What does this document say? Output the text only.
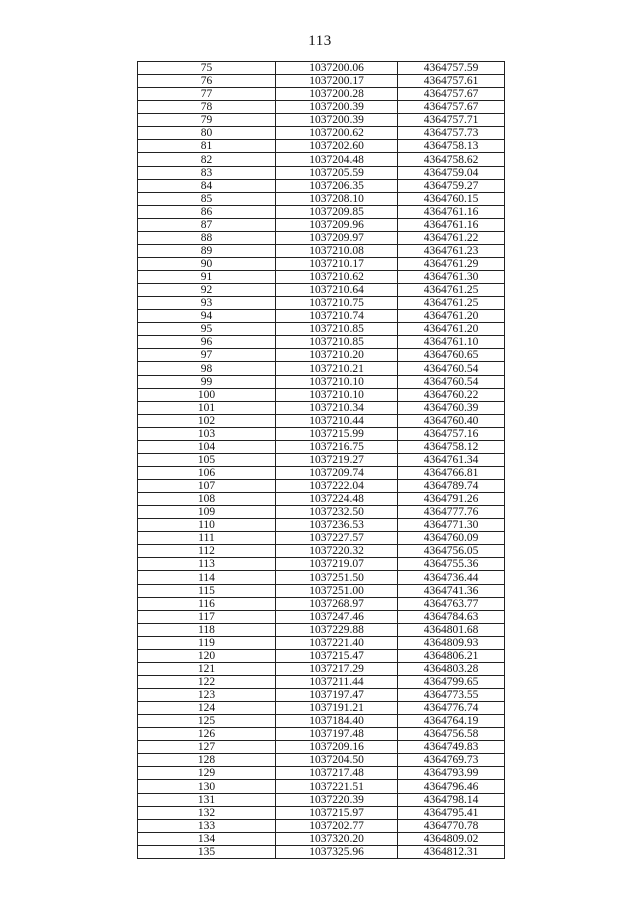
113
75	1037200.06	4364757.59
76	1037200.17	4364757.61
77	1037200.28	4364757.67
78	1037200.39	4364757.67
79	1037200.39	4364757.71
80	1037200.62	4364757.73
81	1037202.60	4364758.13
82	1037204.48	4364758.62
83	1037205.59	4364759.04
84	1037206.35	4364759.27
85	1037208.10	4364760.15
86	1037209.85	4364761.16
87	1037209.96	4364761.16
88	1037209.97	4364761.22
89	1037210.08	4364761.23
90	1037210.17	4364761.29
91	1037210.62	4364761.30
92	1037210.64	4364761.25
93	1037210.75	4364761.25
94	1037210.74	4364761.20
95	1037210.85	4364761.20
96	1037210.85	4364761.10
97	1037210.20	4364760.65
98	1037210.21	4364760.54
99	1037210.10	4364760.54
100	1037210.10	4364760.22
101	1037210.34	4364760.39
102	1037210.44	4364760.40
103	1037215.99	4364757.16
104	1037216.75	4364758.12
105	1037219.27	4364761.34
106	1037209.74	4364766.81
107	1037222.04	4364789.74
108	1037224.48	4364791.26
109	1037232.50	4364777.76
110	1037236.53	4364771.30
111	1037227.57	4364760.09
112	1037220.32	4364756.05
113	1037219.07	4364755.36
114	1037251.50	4364736.44
115	1037251.00	4364741.36
116	1037268.97	4364763.77
117	1037247.46	4364784.63
118	1037229.88	4364801.68
119	1037221.40	4364809.93
120	1037215.47	4364806.21
121	1037217.29	4364803.28
122	1037211.44	4364799.65
123	1037197.47	4364773.55
124	1037191.21	4364776.74
125	1037184.40	4364764.19
126	1037197.48	4364756.58
127	1037209.16	4364749.83
128	1037204.50	4364769.73
129	1037217.48	4364793.99
130	1037221.51	4364796.46
131	1037220.39	4364798.14
132	1037215.97	4364795.41
133	1037202.77	4364770.78
134	1037320.20	4364809.02
135	1037325.96	4364812.31
